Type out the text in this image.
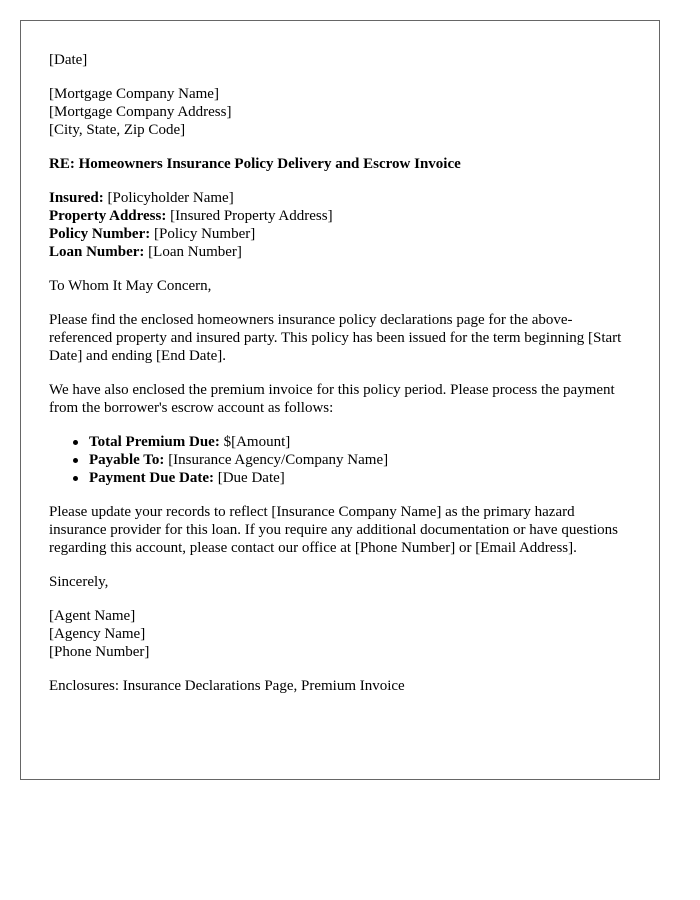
[Date]
[Mortgage Company Name]
[Mortgage Company Address]
[City, State, Zip Code]
RE: Homeowners Insurance Policy Delivery and Escrow Invoice
Insured: [Policyholder Name]
Property Address: [Insured Property Address]
Policy Number: [Policy Number]
Loan Number: [Loan Number]
To Whom It May Concern,
Please find the enclosed homeowners insurance policy declarations page for the above-referenced property and insured party. This policy has been issued for the term beginning [Start Date] and ending [End Date].
We have also enclosed the premium invoice for this policy period. Please process the payment from the borrower's escrow account as follows:
Total Premium Due: $[Amount]
Payable To: [Insurance Agency/Company Name]
Payment Due Date: [Due Date]
Please update your records to reflect [Insurance Company Name] as the primary hazard insurance provider for this loan. If you require any additional documentation or have questions regarding this account, please contact our office at [Phone Number] or [Email Address].
Sincerely,
[Agent Name]
[Agency Name]
[Phone Number]
Enclosures: Insurance Declarations Page, Premium Invoice
